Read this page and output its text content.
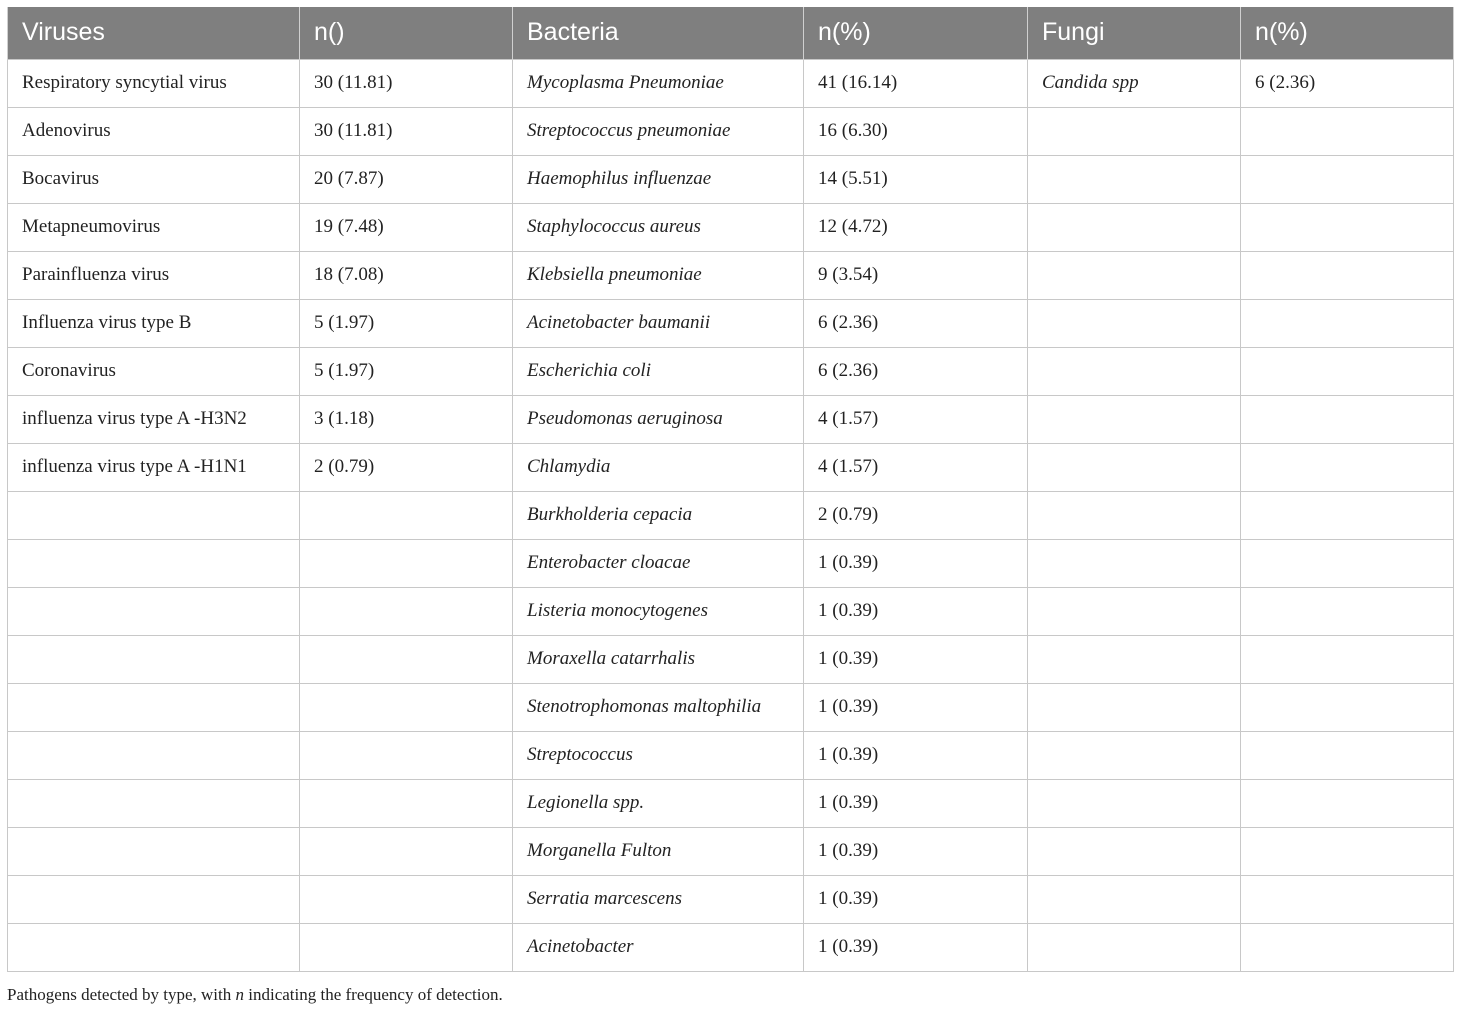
Viruses	n()	Bacteria	n(%)	Fungi	n(%)
Respiratory syncytial virus	30 (11.81)	Mycoplasma Pneumoniae	41 (16.14)	Candida spp	6 (2.36)
Adenovirus	30 (11.81)	Streptococcus pneumoniae	16 (6.30)		
Bocavirus	20 (7.87)	Haemophilus influenzae	14 (5.51)		
Metapneumovirus	19 (7.48)	Staphylococcus aureus	12 (4.72)		
Parainfluenza virus	18 (7.08)	Klebsiella pneumoniae	9 (3.54)		
Influenza virus type B	5 (1.97)	Acinetobacter baumanii	6 (2.36)		
Coronavirus	5 (1.97)	Escherichia coli	6 (2.36)		
influenza virus type A -H3N2	3 (1.18)	Pseudomonas aeruginosa	4 (1.57)		
influenza virus type A -H1N1	2 (0.79)	Chlamydia	4 (1.57)		
		Burkholderia cepacia	2 (0.79)		
		Enterobacter cloacae	1 (0.39)		
		Listeria monocytogenes	1 (0.39)		
		Moraxella catarrhalis	1 (0.39)		
		Stenotrophomonas maltophilia	1 (0.39)		
		Streptococcus	1 (0.39)		
		Legionella spp.	1 (0.39)		
		Morganella Fulton	1 (0.39)		
		Serratia marcescens	1 (0.39)		
		Acinetobacter	1 (0.39)		
Pathogens detected by type, with n indicating the frequency of detection.
